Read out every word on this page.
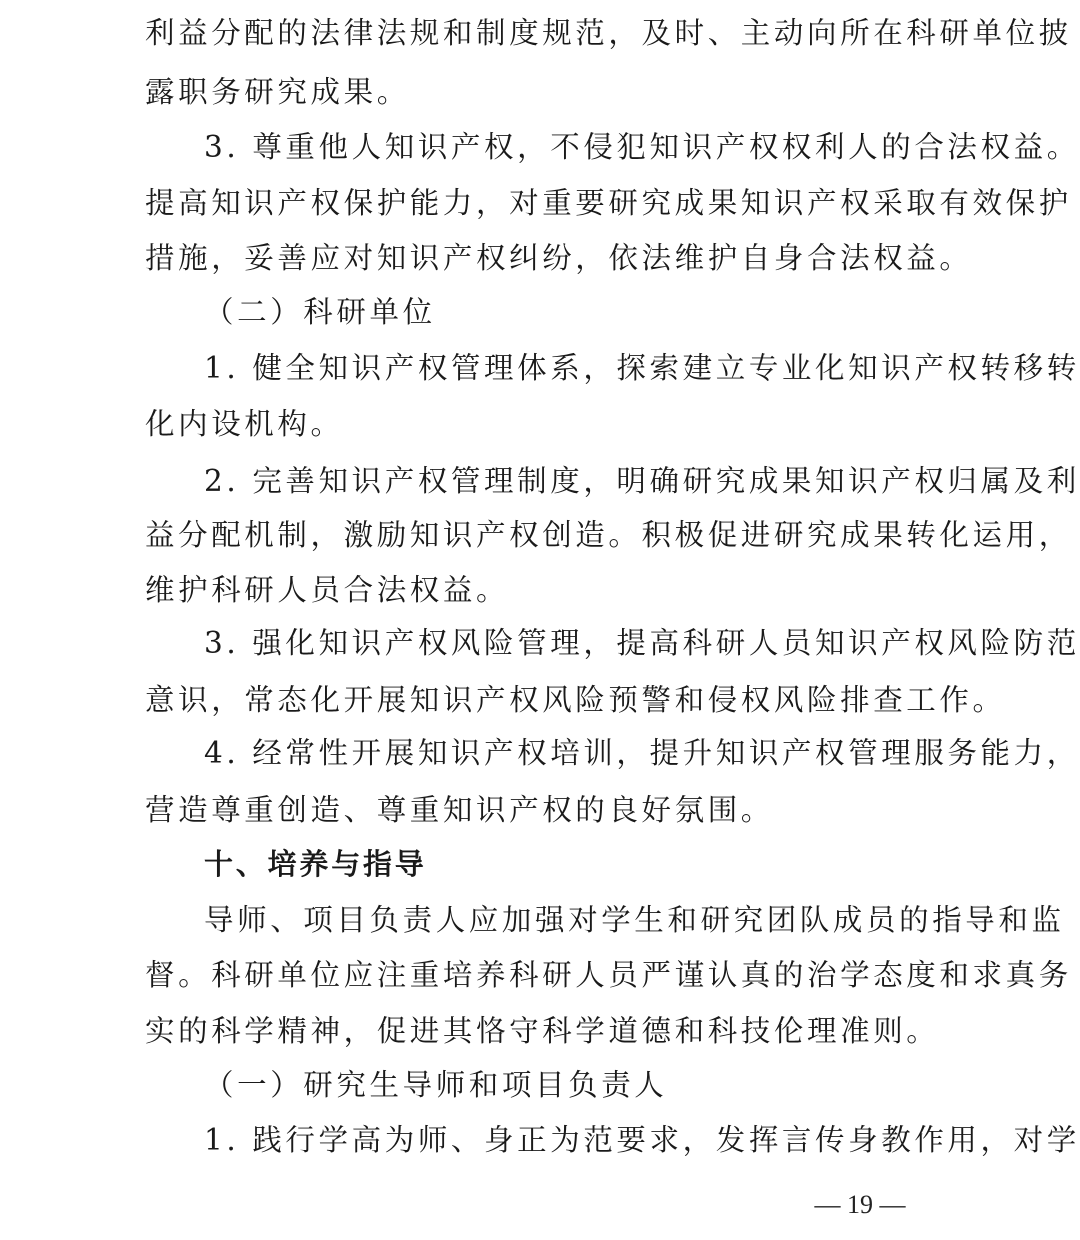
利益分配的法律法规和制度规范，及时、主动向所在科研单位披
露职务研究成果。
3. 尊重他人知识产权，不侵犯知识产权权利人的合法权益。
提高知识产权保护能力，对重要研究成果知识产权采取有效保护
措施，妥善应对知识产权纠纷，依法维护自身合法权益。
（二）科研单位
1. 健全知识产权管理体系，探索建立专业化知识产权转移转
化内设机构。
2. 完善知识产权管理制度，明确研究成果知识产权归属及利
益分配机制，激励知识产权创造。积极促进研究成果转化运用，
维护科研人员合法权益。
3. 强化知识产权风险管理，提高科研人员知识产权风险防范
意识，常态化开展知识产权风险预警和侵权风险排查工作。
4. 经常性开展知识产权培训，提升知识产权管理服务能力，
营造尊重创造、尊重知识产权的良好氛围。
十、培养与指导
导师、项目负责人应加强对学生和研究团队成员的指导和监
督。科研单位应注重培养科研人员严谨认真的治学态度和求真务
实的科学精神，促进其恪守科学道德和科技伦理准则。
（一）研究生导师和项目负责人
1. 践行学高为师、身正为范要求，发挥言传身教作用，对学
— 19 —
